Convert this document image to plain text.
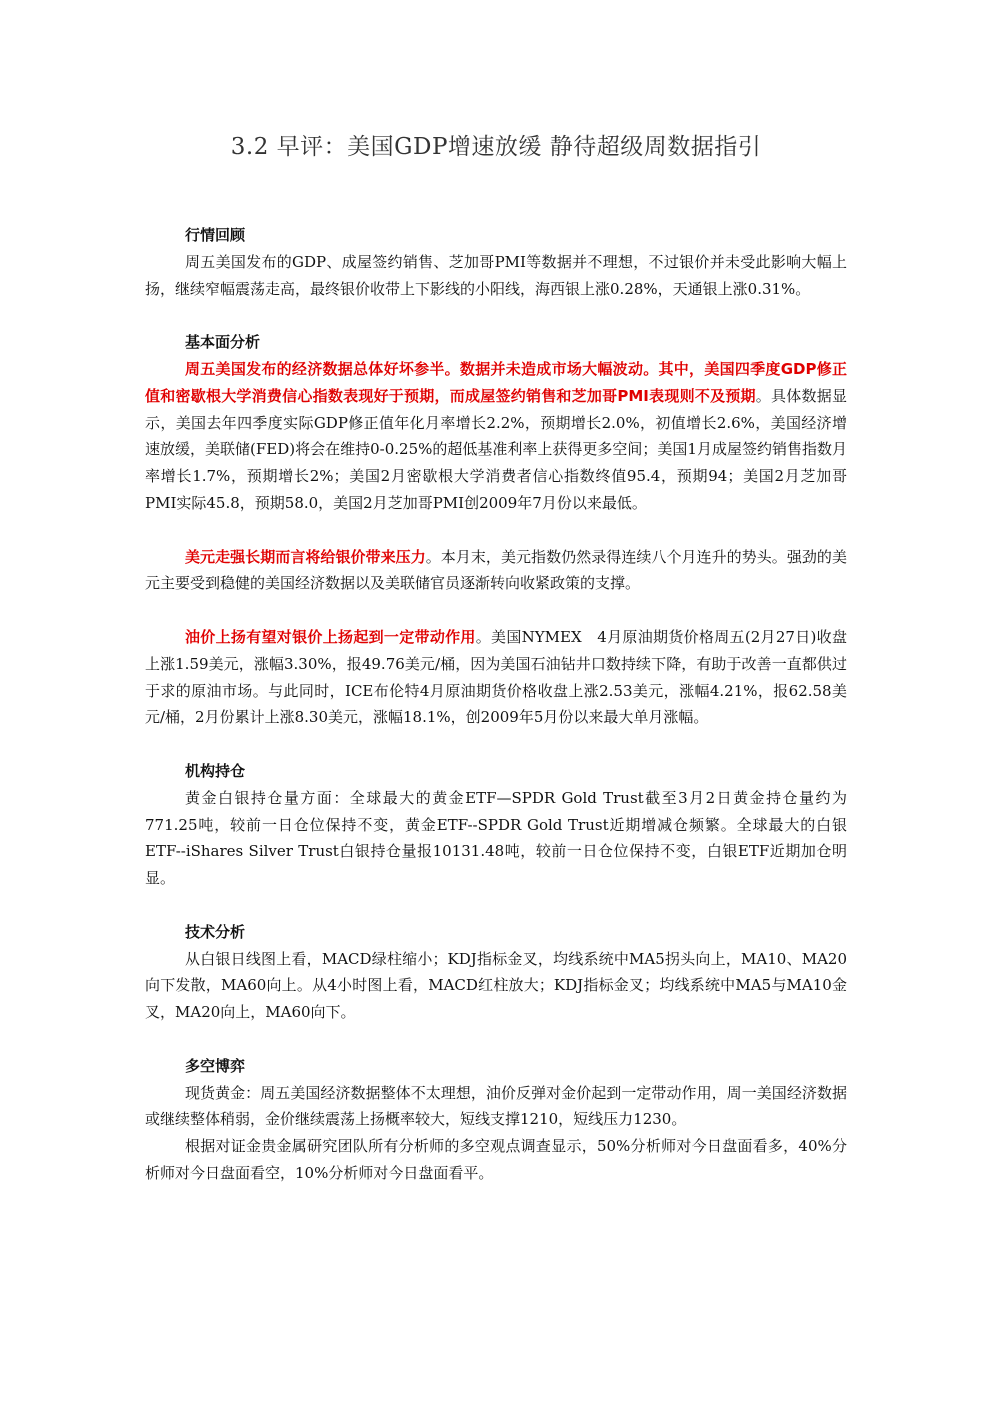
3.2 早评：美国GDP增速放缓 静待超级周数据指引

行情回顾

周五美国发布的GDP、成屋签约销售、芝加哥PMI等数据并不理想，不过银价并未受此影响大幅上扬，继续窄幅震荡走高，最终银价收带上下影线的小阳线，海西银上涨0.28%，天通银上涨0.31%。

基本面分析

周五美国发布的经济数据总体好坏参半。数据并未造成市场大幅波动。其中，美国四季度GDP修正值和密歇根大学消费信心指数表现好于预期，而成屋签约销售和芝加哥PMI表现则不及预期。具体数据显示，美国去年四季度实际GDP修正值年化月率增长2.2%，预期增长2.0%，初值增长2.6%，美国经济增速放缓，美联储(FED)将会在维持0-0.25%的超低基准利率上获得更多空间；美国1月成屋签约销售指数月率增长1.7%，预期增长2%；美国2月密歇根大学消费者信心指数终值95.4，预期94；美国2月芝加哥PMI实际45.8，预期58.0，美国2月芝加哥PMI创2009年7月份以来最低。

美元走强长期而言将给银价带来压力。本月末，美元指数仍然录得连续八个月连升的势头。强劲的美元主要受到稳健的美国经济数据以及美联储官员逐渐转向收紧政策的支撑。

油价上扬有望对银价上扬起到一定带动作用。美国NYMEX　4月原油期货价格周五(2月27日)收盘上涨1.59美元，涨幅3.30%，报49.76美元/桶，因为美国石油钻井口数持续下降，有助于改善一直都供过于求的原油市场。与此同时，ICE布伦特4月原油期货价格收盘上涨2.53美元，涨幅4.21%，报62.58美元/桶，2月份累计上涨8.30美元，涨幅18.1%，创2009年5月份以来最大单月涨幅。

机构持仓

黄金白银持仓量方面：全球最大的黄金ETF—SPDR Gold Trust截至3月2日黄金持仓量约为771.25吨，较前一日仓位保持不变，黄金ETF--SPDR Gold Trust近期增减仓频繁。全球最大的白银ETF--iShares Silver Trust白银持仓量报10131.48吨，较前一日仓位保持不变，白银ETF近期加仓明显。

技术分析

从白银日线图上看，MACD绿柱缩小；KDJ指标金叉，均线系统中MA5拐头向上，MA10、MA20向下发散，MA60向上。从4小时图上看，MACD红柱放大；KDJ指标金叉；均线系统中MA5与MA10金叉，MA20向上，MA60向下。

多空博弈

现货黄金：周五美国经济数据整体不太理想，油价反弹对金价起到一定带动作用，周一美国经济数据或继续整体稍弱，金价继续震荡上扬概率较大，短线支撑1210，短线压力1230。

根据对证金贵金属研究团队所有分析师的多空观点调查显示，50%分析师对今日盘面看多，40%分析师对今日盘面看空，10%分析师对今日盘面看平。
